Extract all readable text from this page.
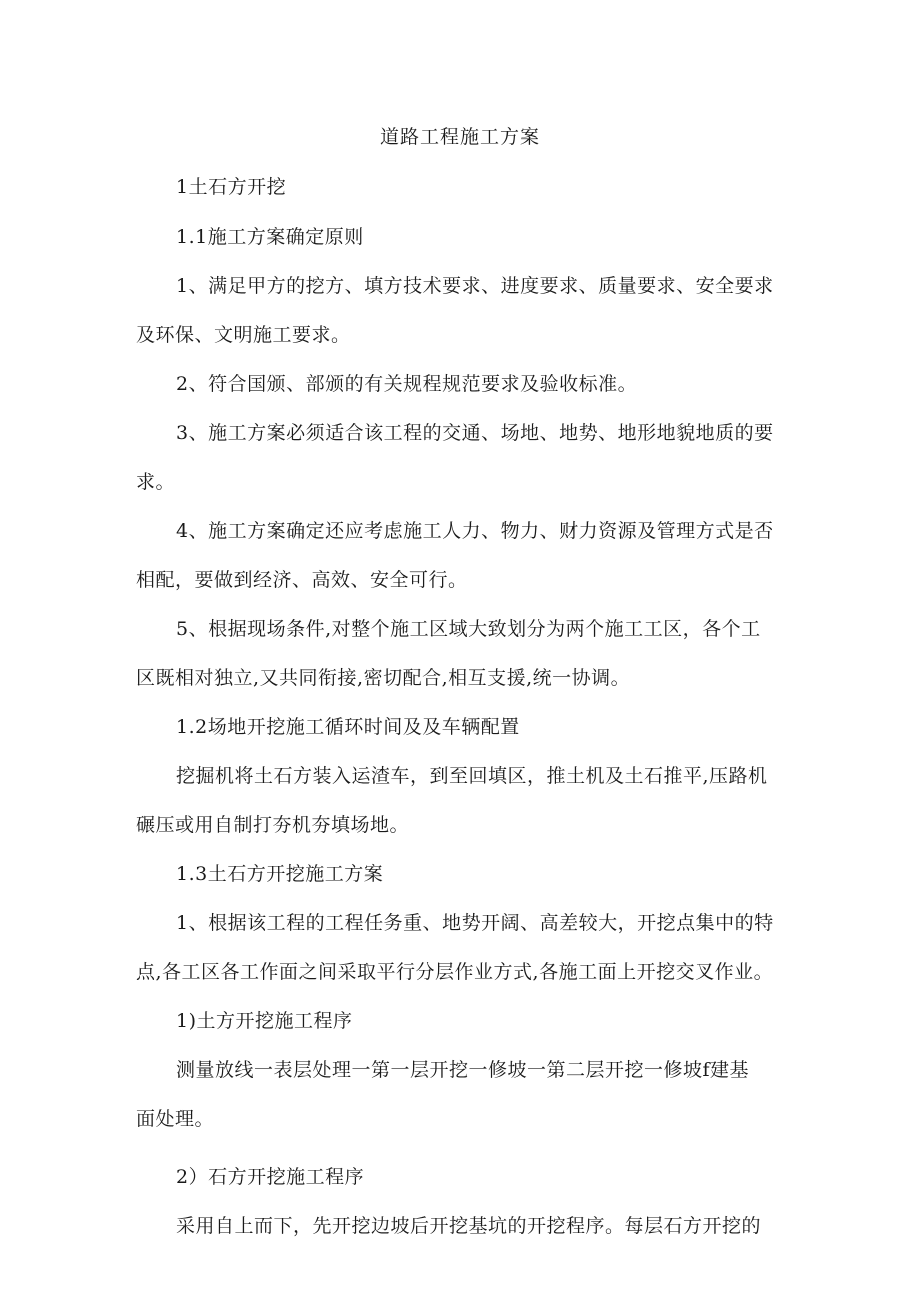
道路工程施工方案
1土石方开挖
1.1施工方案确定原则
1、满足甲方的挖方、填方技术要求、进度要求、质量要求、安全要求
及环保、文明施工要求。
2、符合国颁、部颁的有关规程规范要求及验收标准。
3、施工方案必须适合该工程的交通、场地、地势、地形地貌地质的要
求。
4、施工方案确定还应考虑施工人力、物力、财力资源及管理方式是否
相配，要做到经济、高效、安全可行。
5、根据现场条件,对整个施工区域大致划分为两个施工工区，各个工
区既相对独立,又共同衔接,密切配合,相互支援,统一协调。
1.2场地开挖施工循环时间及及车辆配置
挖掘机将土石方装入运渣车，到至回填区，推土机及土石推平,压路机
碾压或用自制打夯机夯填场地。
1.3土石方开挖施工方案
1、根据该工程的工程任务重、地势开阔、高差较大，开挖点集中的特
点,各工区各工作面之间采取平行分层作业方式,各施工面上开挖交叉作业。
1)土方开挖施工程序
测量放线一表层处理一第一层开挖一修坡一第二层开挖一修坡f建基
面处理。
2）石方开挖施工程序
采用自上而下，先开挖边坡后开挖基坑的开挖程序。每层石方开挖的
